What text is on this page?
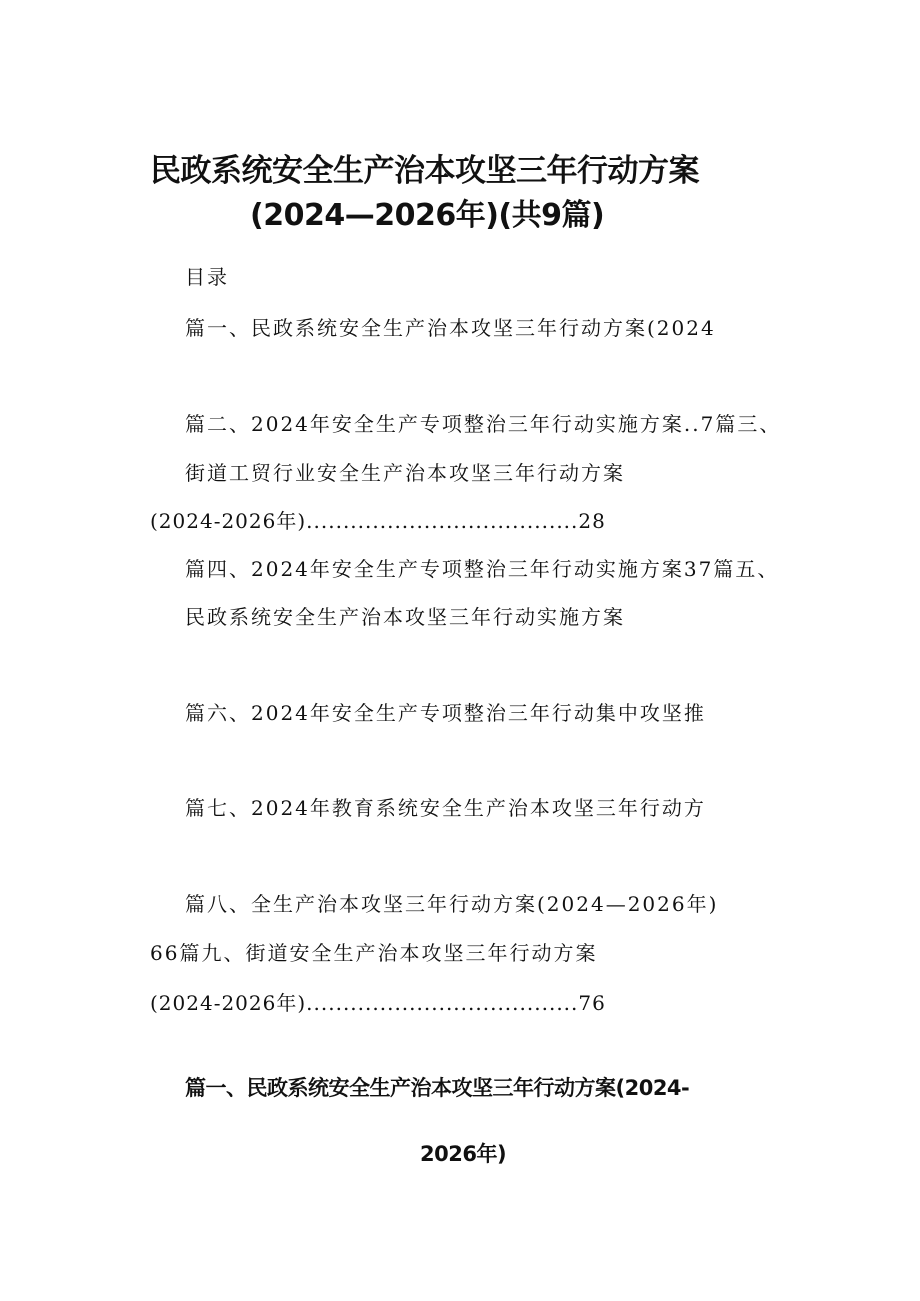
民政系统安全生产治本攻坚三年行动方案
(2024—2026年)(共9篇)
目录
篇一、民政系统安全生产治本攻坚三年行动方案(2024
篇二、2024年安全生产专项整治三年行动实施方案..7篇三、
街道工贸行业安全生产治本攻坚三年行动方案
(2024-2026年).....................................28
篇四、2024年安全生产专项整治三年行动实施方案37篇五、
民政系统安全生产治本攻坚三年行动实施方案
篇六、2024年安全生产专项整治三年行动集中攻坚推
篇七、2024年教育系统安全生产治本攻坚三年行动方
篇八、全生产治本攻坚三年行动方案(2024—2026年)
66篇九、街道安全生产治本攻坚三年行动方案
(2024-2026年).....................................76
篇一、民政系统安全生产治本攻坚三年行动方案(2024-
2026年)
